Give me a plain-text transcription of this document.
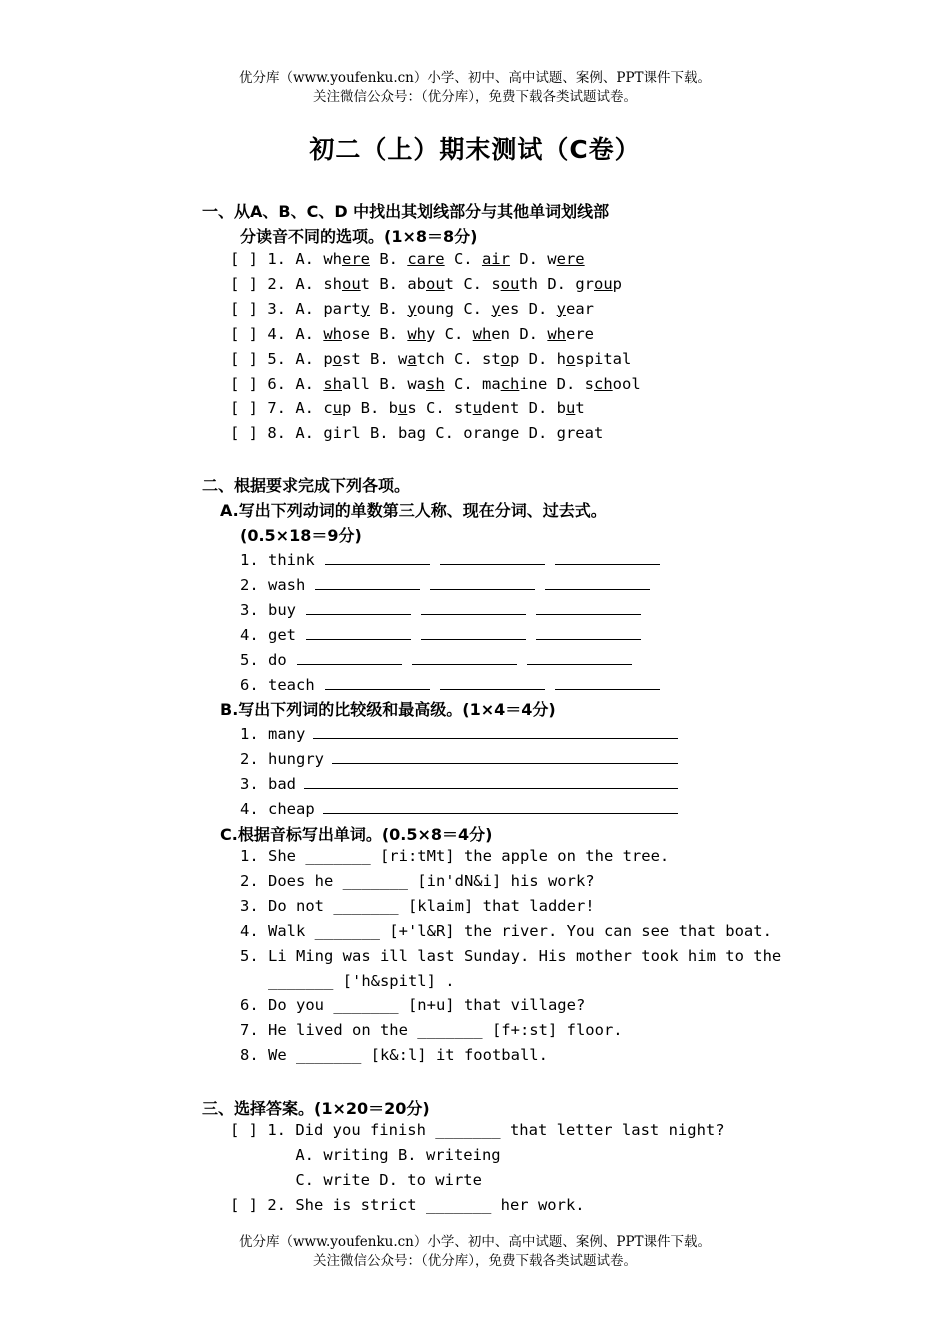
优分库（www.youfenku.cn）小学、初中、高中试题、案例、PPT课件下载。
关注微信公众号：（优分库），免费下载各类试题试卷。
初二（上）期末测试（C卷）
一、从A、B、C、D 中找出其划线部分与其他单词划线部
分读音不同的选项。(1×8＝8分)
[ ] 1. A. where B. care C. air D. were
[ ] 2. A. shout B. about C. south D. group
[ ] 3. A. party B. young C. yes D. year
[ ] 4. A. whose B. why C. when D. where
[ ] 5. A. post B. watch C. stop D. hospital
[ ] 6. A. shall B. wash C. machine D. school
[ ] 7. A. cup B. bus C. student D. but
[ ] 8. A. girl B. bag C. orange D. great
二、根据要求完成下列各项。
A.写出下列动词的单数第三人称、现在分词、过去式。
(0.5×18＝9分)
1. think
2. wash
3. buy
4. get
5. do
6. teach
B.写出下列词的比较级和最高级。(1×4＝4分)
1. many
2. hungry
3. bad
4. cheap
C.根据音标写出单词。(0.5×8＝4分)
1. She _______ [ri:tMt] the apple on the tree.
2. Does he _______ [in'dN&i] his work?
3. Do not _______ [klaim] that ladder!
4. Walk _______ [+'l&R] the river. You can see that boat.
5. Li Ming was ill last Sunday. His mother took him to the
_______ ['h&spitl] .
6. Do you _______ [n+u] that village?
7. He lived on the _______ [f+:st] floor.
8. We _______ [k&:l] it football.
三、选择答案。(1×20＝20分)
[ ] 1. Did you finish _______ that letter last night?
A. writing B. writeing
C. write D. to wirte
[ ] 2. She is strict _______ her work.
优分库（www.youfenku.cn）小学、初中、高中试题、案例、PPT课件下载。
关注微信公众号：（优分库），免费下载各类试题试卷。
